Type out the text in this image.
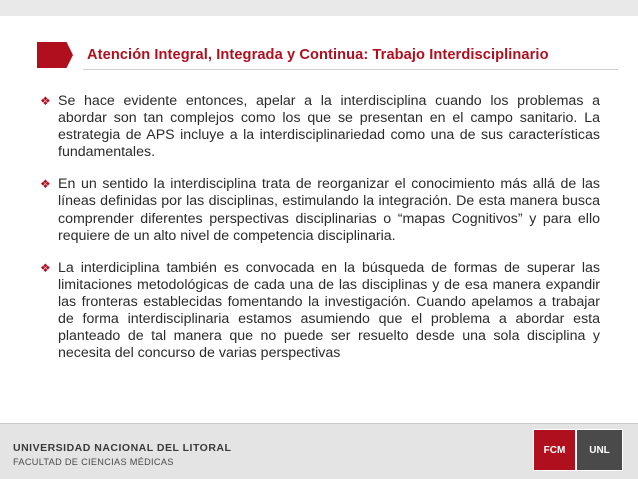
Atención Integral, Integrada y Continua: Trabajo Interdisciplinario
❖ Se hace evidente entonces, apelar a la interdisciplina cuando los problemas a abordar son tan complejos como los que se presentan en el campo sanitario. La estrategia de APS incluye a la interdisciplinariedad como una de sus características fundamentales.
❖ En un sentido la interdisciplina trata de reorganizar el conocimiento más allá de las líneas definidas por las disciplinas, estimulando la integración. De esta manera busca comprender diferentes perspectivas disciplinarias o “mapas Cognitivos” y para ello requiere de un alto nivel de competencia disciplinaria.
❖ La interdiciplina también es convocada en la búsqueda de formas de superar las limitaciones metodológicas de cada una de las disciplinas y de esa manera expandir las fronteras establecidas fomentando la investigación. Cuando apelamos a trabajar de forma interdisciplinaria estamos asumiendo que el problema a abordar esta planteado de tal manera que no puede ser resuelto desde una sola disciplina y necesita del concurso de varias perspectivas
UNIVERSIDAD NACIONAL DEL LITORAL
FACULTAD DE CIENCIAS MÉDICAS
FCM	UNL
